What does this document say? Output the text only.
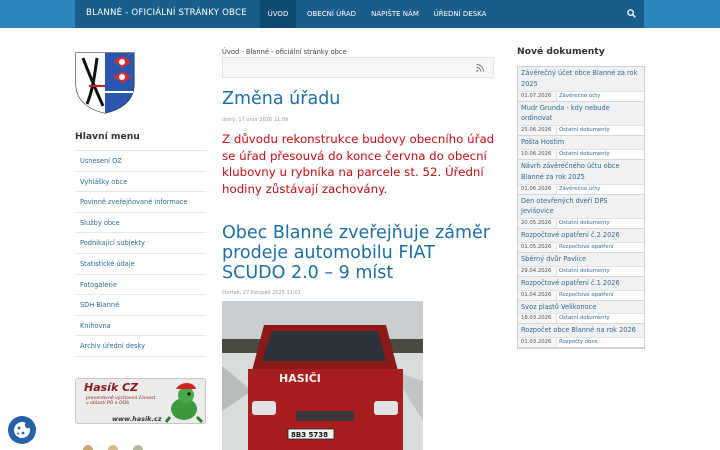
BLANNÉ - OFICIÁLNÍ STRÁNKY OBCE	ÚVOD	OBECNÍ ÚŘAD	NAPIŠTE NÁM	ÚŘEDNÍ DESKA
Hlavní menu
Usnesení OZ
Vyhlášky obce
Povinně zveřejňované informace
Služby obce
Podnikající subjekty
Statistické údaje
Fotogalerie
SDH Blanné
Knihovna
Archiv úřední desky
Hasík CZ
preventivně výchovná činnost v oblasti PO a OOb
www.hasik.cz
Úvod - Blanné - oficiální stránky obce
Změna úřadu
úterý, 17 únor 2026 11:09
Z důvodu rekonstrukce budovy obecního úřad se úřad přesouvá do konce června do obecní klubovny u rybníka na parcele st. 52. Úřední hodiny zůstávají zachovány.
Obec Blanné zveřejňuje záměr prodeje automobilu FIAT SCUDO 2.0 – 9 míst
čtvrtek, 27 listopad 2025 11:01
HASIČI
8B3 5738
Nové dokumenty
Závěrečný účet obce Blanné za rok 2025
01.07.2026	Závěrečné účty
Mudr Grunda - kdy nebude ordinovat
25.06.2026	Ostatní dokumenty
Pošta Hostim
10.06.2026	Ostatní dokumenty
Návrh závěrečného účtu obce Blanné za rok 2025
01.06.2026	Závěrečné účty
Den otevřených dveří DPS Jevišovice
20.05.2026	Ostatní dokumenty
Rozpočtové opatření č.2 2026
01.05.2026	Rozpočtové opatření
Sběrný dvůr Pavlice
29.04.2026	Ostatní dokumenty
Rozpočtové opatření č.1 2026
01.04.2026	Rozpočtové opatření
Svoz plastů Velikonoce
18.03.2026	Ostatní dokumenty
Rozpočet obce Blanné na rok 2026
01.03.2026	Rozpočty obce
